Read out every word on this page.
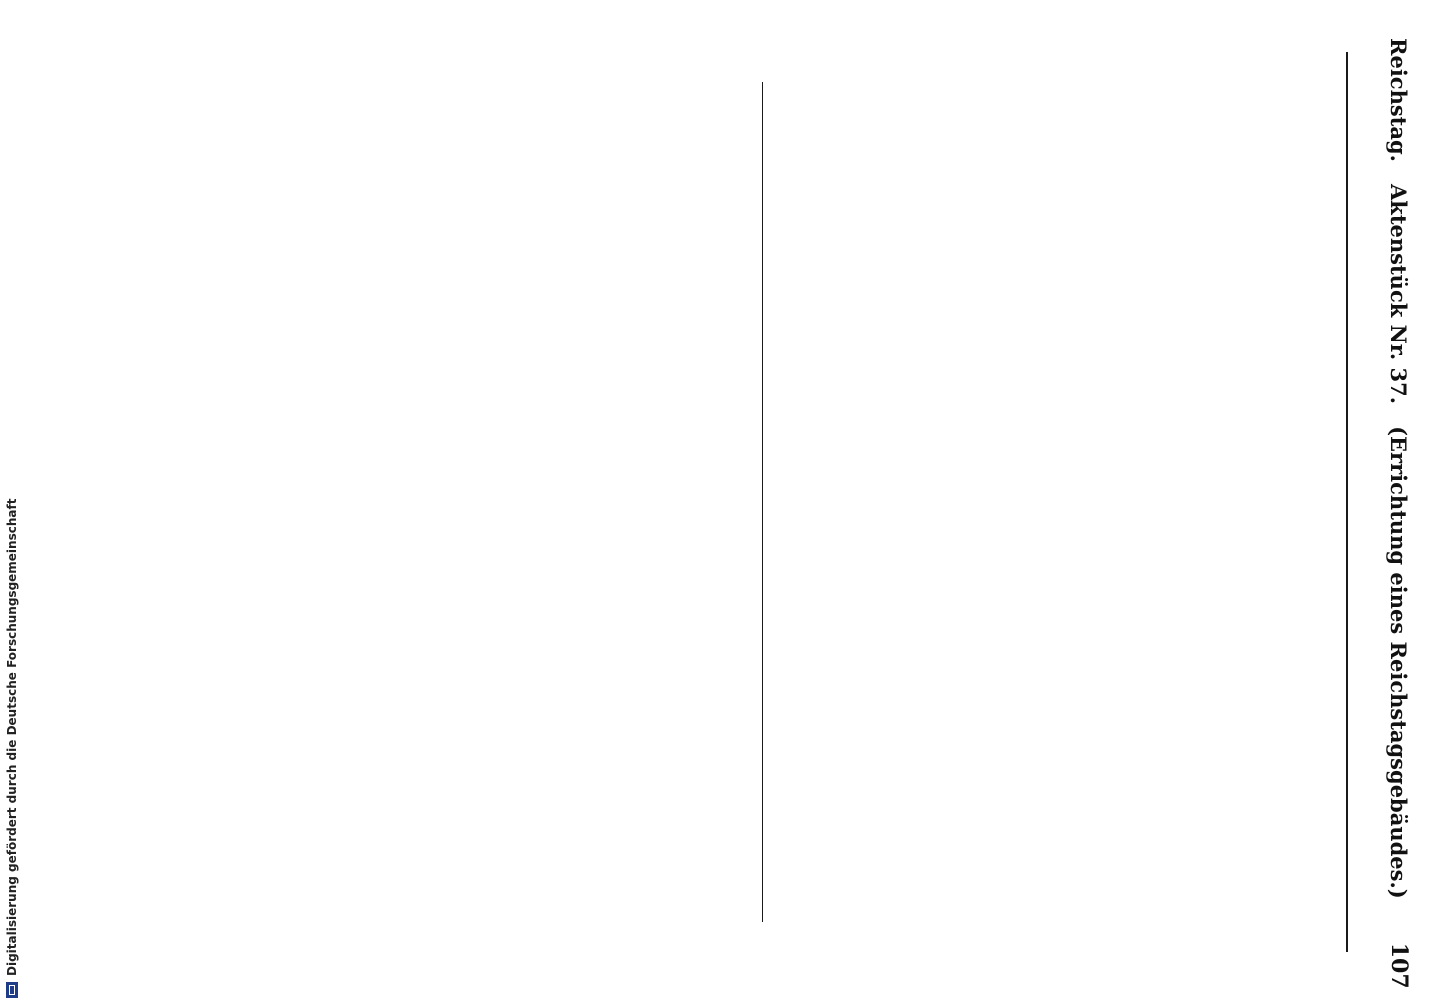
Reichstag.
Aktenstück Nr. 37.
(Errichtung eines Reichstagsgebäudes.)
107

Digitalisierung gefördert durch die Deutsche Forschungsgemeinschaft
